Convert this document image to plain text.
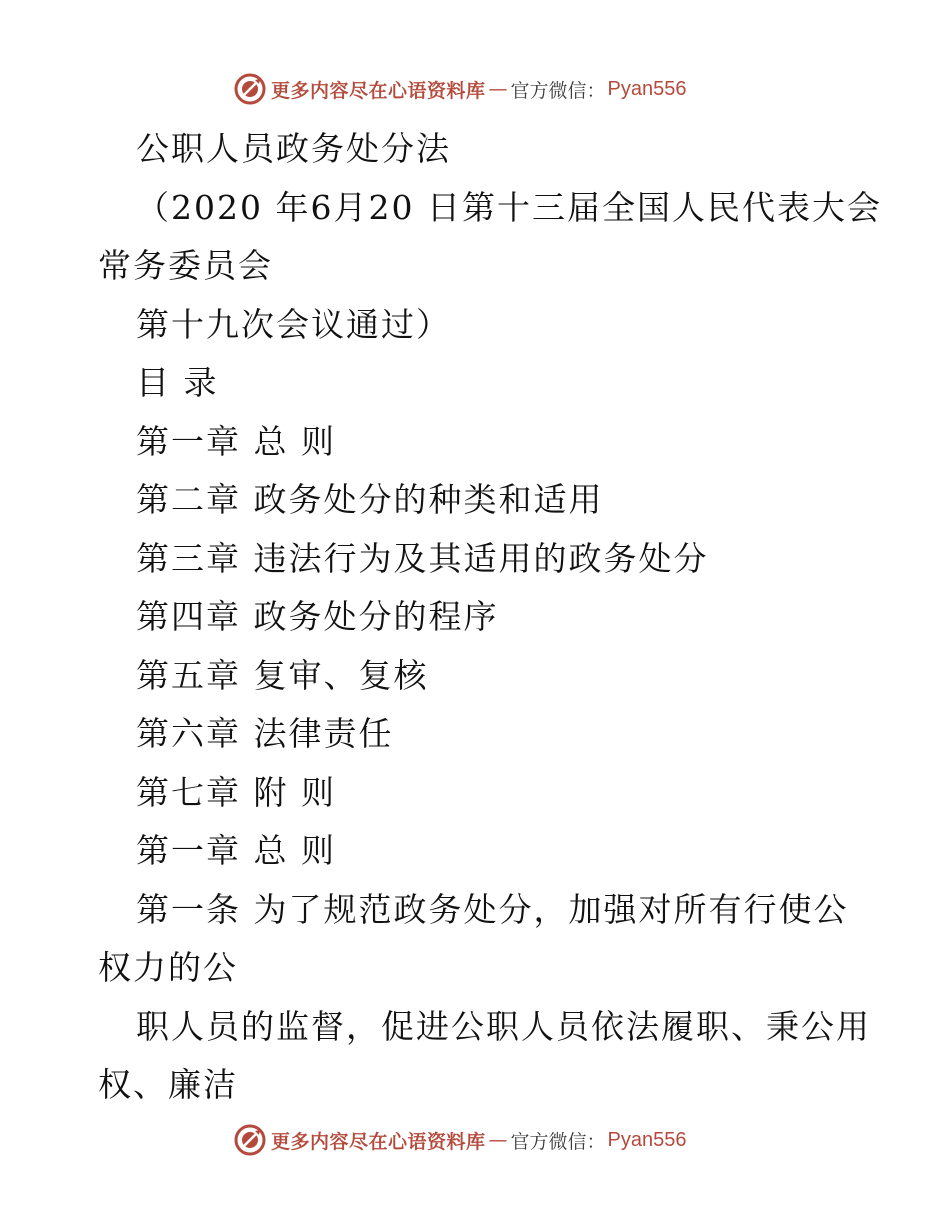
更多内容尽在心语资料库 — 官方微信： Pyan556
公职人员政务处分法
（2020 年6月20 日第十三届全国人民代表大会
常务委员会
第十九次会议通过）
目 录
第一章 总 则
第二章 政务处分的种类和适用
第三章 违法行为及其适用的政务处分
第四章 政务处分的程序
第五章 复审、复核
第六章 法律责任
第七章 附 则
第一章 总 则
第一条 为了规范政务处分，加强对所有行使公
权力的公
职人员的监督，促进公职人员依法履职、秉公用
权、廉洁
更多内容尽在心语资料库 — 官方微信： Pyan556
